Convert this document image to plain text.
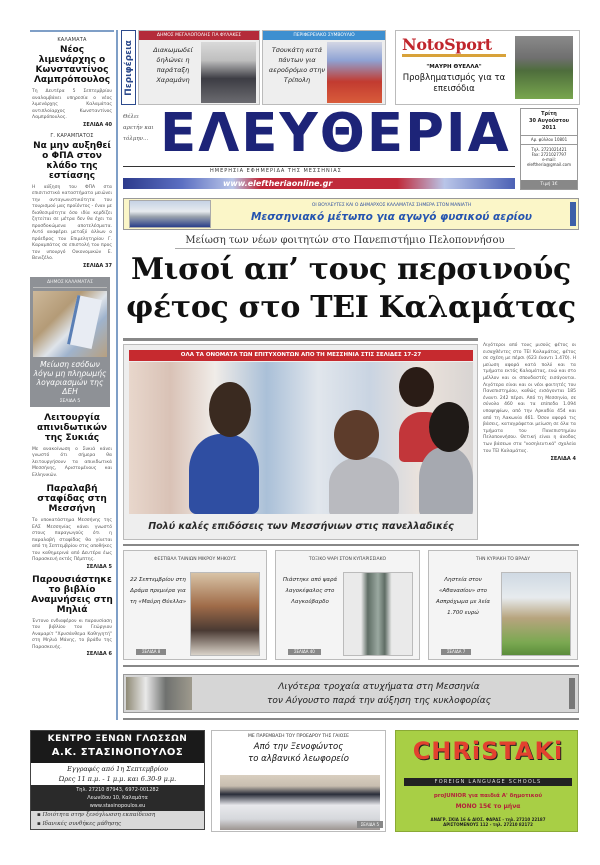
ΚΑΛΑΜΑΤΑ
Νέος λιμενάρχης ο Κωνσταντίνος Λαμπρόπουλος
Τη Δευτέρα 5 Σεπτεμβρίου αναλαμβάνει υπηρεσία ο νέος λιμενάρχης Καλαμάτας αντιπλοίαρχος Κωνσταντίνος Λαμπρόπουλος.
ΣΕΛΙΔΑ 40
Γ. ΚΑΡΑΜΠΑΤΟΣ
Να μην αυξηθεί ο ΦΠΑ στον κλάδο της εστίασης
Η αύξηση του ΦΠΑ στα επισιτιστικά καταστήματα μειώνει την ανταγωνιστικότητα του τουρισμού μας προϊόντος - έναν με διαθεσιμότητα όσο ιδία κερδίζει ζητείται σε μέτρα δεν θα έχει τα προσδοκώμενα αποτελέσματα. Αυτό αναφέρει μεταξύ άλλων ο πρόεδρος του Επιμελητηρίου Γ. Καραμπάτος σε επιστολή του προς τον υπουργό Οικονομικών Ε. Βενιζέλο.
ΣΕΛΙΔΑ 37
ΔΗΜΟΣ ΚΑΛΑΜΑΤΑΣ
Μείωση εσόδων λόγω μη πληρωμής λογαριασμών της ΔΕΗ
ΣΕΛΙΔΑ 5
Λειτουργία απινιδωτικών της Συκιάς
Με ανακοίνωση ο Συκιά κάνει γνωστό ότι σήμερα θα λειτουργήσουν τα απινιδωτικά Μεσσήνης, Αριστομένους και Ελληνικών.
Παραλαβή σταφίδας στη Μεσσήνη
Το υποκατάστημα Μεσσήνης της ΕΑΣ Μεσσηνίας κάνει γνωστό στους παραγωγούς ότι η παραλαβή σταφίδας θα γίνεται από τη Σεπτεμβρίου στις αποθήκες του καθημερινά από Δευτέρα έως Παρασκευή εκτός Πέμπτης.
ΣΕΛΙΔΑ 5
Παρουσιάστηκε το βιβλίο Αναμνήσεις στη Μηλιά
Έντονο ενδιαφέρον κι παρουσίαση του βιβλίου του Γεώργιου Αναμαρίτ "Χρυσάνθεμα Καθηγητή" στη Μηλιά Μάνης, το βράδυ της Παρασκευής.
ΣΕΛΙΔΑ 6
Περιφέρεια
ΔΗΜΟΣ ΜΕΓΑΛΟΠΟΛΗΣ ΓΙΑ ΦΥΛΑΚΕΣ
Διακωμωδεί δηλώνει η παράταξη Χαραμάνη
ΠΕΡΙΦΕΡΕΙΑΚΟ ΣΥΜΒΟΥΛΙΟ
Τσουκάτη κατά πάντων για αεροδρόμιο στην Τρίπολη
NotoSport
"ΜΑΥΡΗ ΘΥΕΛΛΑ"
Προβληματισμός για τα επεισόδια
Θέλει αρετήν και τόλμην... ΕΛΕΥΘΕΡΙΑ
ΗΜΕΡΗΣΙΑ ΕΦΗΜΕΡΙΔΑ ΤΗΣ ΜΕΣΣΗΝΙΑΣ
www.eleftheriaonline.gr
Τρίτη
30 Αυγούστου
2011
Αρ. φύλλου 10801
Τηλ. 2721021421
Fax: 2721027797
e-mail:
eleftheria@gmail.com
Τιμή 1€
ΟΙ ΒΟΥΛΕΥΤΕΣ ΚΑΙ Ο ΔΗΜΑΡΧΟΣ ΚΑΛΑΜΑΤΑΣ ΣΗΜΕΡΑ ΣΤΟΝ ΜΑΝΙΑΤΗ
Μεσσηνιακό μέτωπο για αγωγό φυσικού αερίου
Μείωση των νέων φοιτητών στο Πανεπιστήμιο Πελοποννήσου
Μισοί απ’ τους περσινούς
φέτος στο ΤΕΙ Καλαμάτας
ΟΛΑ ΤΑ ΟΝΟΜΑΤΑ ΤΩΝ ΕΠΙΤΥΧΟΝΤΩΝ ΑΠΟ ΤΗ ΜΕΣΣΗΝΙΑ ΣΤΙΣ ΣΕΛΙΔΕΣ 17-27
Πολύ καλές επιδόσεις των Μεσσήνιων στις πανελλαδικές
Λιγότεροι από τους μισούς φέτος οι εισαχθέντες στο ΤΕΙ Καλαμάτας, φέτος σε σχέση με πέρσι (623 έναντι 1.470). Η μείωση αφορά κατά πολύ και τα τμήματα εκτός Καλαμάτας, ενώ και στο μέλλον και οι σπουδαστές εισάγονται. Λιγότερα είναι και οι νέοι φοιτητές του Πανεπιστημίου, καθώς εισάγονται 185 έναντι 242 πέρσι. Από τη Μεσσηνία, σε σύνολο 460 και τα επίπεδα 1.094 υποψηφίων, από την Αρκαδία 454 και από τη Λακωνία 461. Όσον αφορά τις βάσεις, καταγράφεται μείωση σε όλα τα τμήματα του Πανεπιστημίου Πελοποννήσου. Θετική είναι η άνοδος των βάσεων στα "νοσηλευτικά" σχολεία του ΤΕΙ Καλαμάτας.
ΣΕΛΙΔΑ 4
ΦΕΣΤΙΒΑΛ ΤΑΙΝΙΩΝ ΜΙΚΡΟΥ ΜΗΚΟΥΣ
22 Σεπτεμβρίου στη Δράμα πρεμιέρα για τη «Μαύρη Θύελλα»
ΣΕΛΙΔΑ 8
ΤΟΞΙΚΟ ΨΑΡΙ ΣΤΟΝ ΚΥΠΑΡΙΣΣΙΑΚΟ
Πιάστηκε από ψαρά λαγοκέφαλος στο Λαγκούβαρδο
ΣΕΛΙΔΑ 40
ΤΗΝ ΚΥΡΙΑΚΗ ΤΟ ΒΡΑΔΥ
Ληστεία στον «Αθανασίου» στο Ασπρόχωμα με λεία 1.700 ευρώ
ΣΕΛΙΔΑ 7
Λιγότερα τροχαία ατυχήματα στη Μεσσηνία
τον Αύγουστο παρά την αύξηση της κυκλοφορίας
ΚΕΝΤΡΟ ΞΕΝΩΝ ΓΛΩΣΣΩΝ
Α.Κ. ΣΤΑΣΙΝΟΠΟΥΛΟΣ
Εγγραφές από 1η Σεπτεμβρίου
Ώρες 11 π.μ. - 1 μ.μ. και 6.30-9 μ.μ.
Τηλ. 27210 87943, 6972-001282
Λεωνίδου 10, Καλαμάτα
www.stasinopoulos.eu
▪ Ποιότητα στην ξενόγλωσση εκπαίδευση
▪ Ιδανικές συνθήκες μάθησης
ΜΕ ΠΑΡΕΜΒΑΣΗ ΤΟΥ ΠΡΟΕΔΡΟΥ ΤΗΣ ΓΑΙΟΣΕ
Από την Ξενοφώντος
το αλβανικό λεωφορείο
ΣΕΛΙΔΑ 5
CHRiSTAKi
FOREIGN LANGUAGE SCHOOLS
proJUNIOR για παιδιά Α' δημοτικού
ΜΟΝΟ 15€ το μήνα
ΑΝΑΓΡ. ΣΚΙΑ 16 & ΔΙΟΣ. ΦΑΡΑΣ - τηλ. 27210 22187
ΑΡΙΣΤΟΜΕΝΟΥΣ 112 - τηλ. 27210 82172
